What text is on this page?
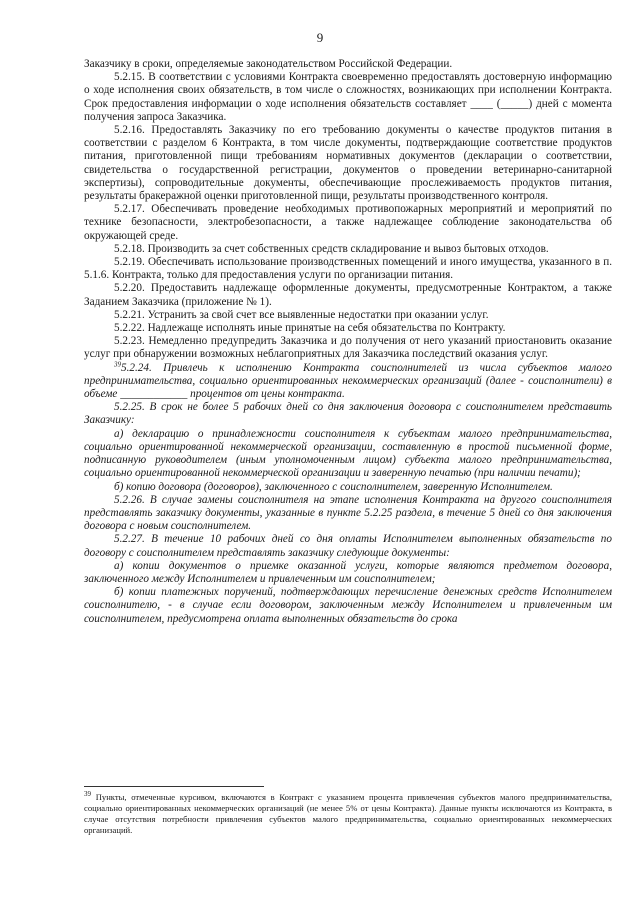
9

Заказчику в сроки, определяемые законодательством Российской Федерации.

5.2.15. В соответствии с условиями Контракта своевременно предоставлять достоверную информацию о ходе исполнения своих обязательств, в том числе о сложностях, возникающих при исполнении Контракта. Срок предоставления информации о ходе исполнения обязательств составляет ____ (_____) дней с момента получения запроса Заказчика.

5.2.16. Предоставлять Заказчику по его требованию документы о качестве продуктов питания в соответствии с разделом 6 Контракта, в том числе документы, подтверждающие соответствие продуктов питания, приготовленной пищи требованиям нормативных документов (декларации о соответствии, свидетельства о государственной регистрации, документов о проведении ветеринарно-санитарной экспертизы), сопроводительные документы, обеспечивающие прослеживаемость продуктов питания, результаты бракеражной оценки приготовленной пищи, результаты производственного контроля.

5.2.17. Обеспечивать проведение необходимых противопожарных мероприятий и мероприятий по технике безопасности, электробезопасности, а также надлежащее соблюдение законодательства об окружающей среде.

5.2.18. Производить за счет собственных средств складирование и вывоз бытовых отходов.

5.2.19. Обеспечивать использование производственных помещений и иного имущества, указанного в п. 5.1.6. Контракта, только для предоставления услуги по организации питания.

5.2.20. Предоставить надлежаще оформленные документы, предусмотренные Контрактом, а также Заданием Заказчика (приложение № 1).

5.2.21. Устранить за свой счет все выявленные недостатки при оказании услуг.

5.2.22. Надлежаще исполнять иные принятые на себя обязательства по Контракту.

5.2.23. Немедленно предупредить Заказчика и до получения от него указаний приостановить оказание услуг при обнаружении возможных неблагоприятных для Заказчика последствий оказания услуг.

$^{39}$5.2.24. Привлечь к исполнению Контракта соисполнителей из числа субъектов малого предпринимательства, социально ориентированных некоммерческих организаций (далее - соисполнители) в объеме ____________ процентов от цены контракта.

5.2.25. В срок не более 5 рабочих дней со дня заключения договора с соисполнителем представить Заказчику:

а) декларацию о принадлежности соисполнителя к субъектам малого предпринимательства, социально ориентированной некоммерческой организации, составленную в простой письменной форме, подписанную руководителем (иным уполномоченным лицом) субъекта малого предпринимательства, социально ориентированной некоммерческой организации и заверенную печатью (при наличии печати);

б) копию договора (договоров), заключенного с соисполнителем, заверенную Исполнителем.

5.2.26. В случае замены соисполнителя на этапе исполнения Контракта на другого соисполнителя представлять заказчику документы, указанные в пункте 5.2.25 раздела, в течение 5 дней со дня заключения договора с новым соисполнителем.

5.2.27. В течение 10 рабочих дней со дня оплаты Исполнителем выполненных обязательств по договору с соисполнителем представлять заказчику следующие документы:

а) копии документов о приемке оказанной услуги, которые являются предметом договора, заключенного между Исполнителем и привлеченным им соисполнителем;

б) копии платежных поручений, подтверждающих перечисление денежных средств Исполнителем соисполнителю, - в случае если договором, заключенным между Исполнителем и привлеченным им соисполнителем, предусмотрена оплата выполненных обязательств до срока

$^{39}$ Пункты, отмеченные курсивом, включаются в Контракт с указанием процента привлечения субъектов малого предпринимательства, социально ориентированных некоммерческих организаций (не менее 5% от цены Контракта). Данные пункты исключаются из Контракта, в случае отсутствия потребности привлечения субъектов малого предпринимательства, социально ориентированных некоммерческих организаций.
